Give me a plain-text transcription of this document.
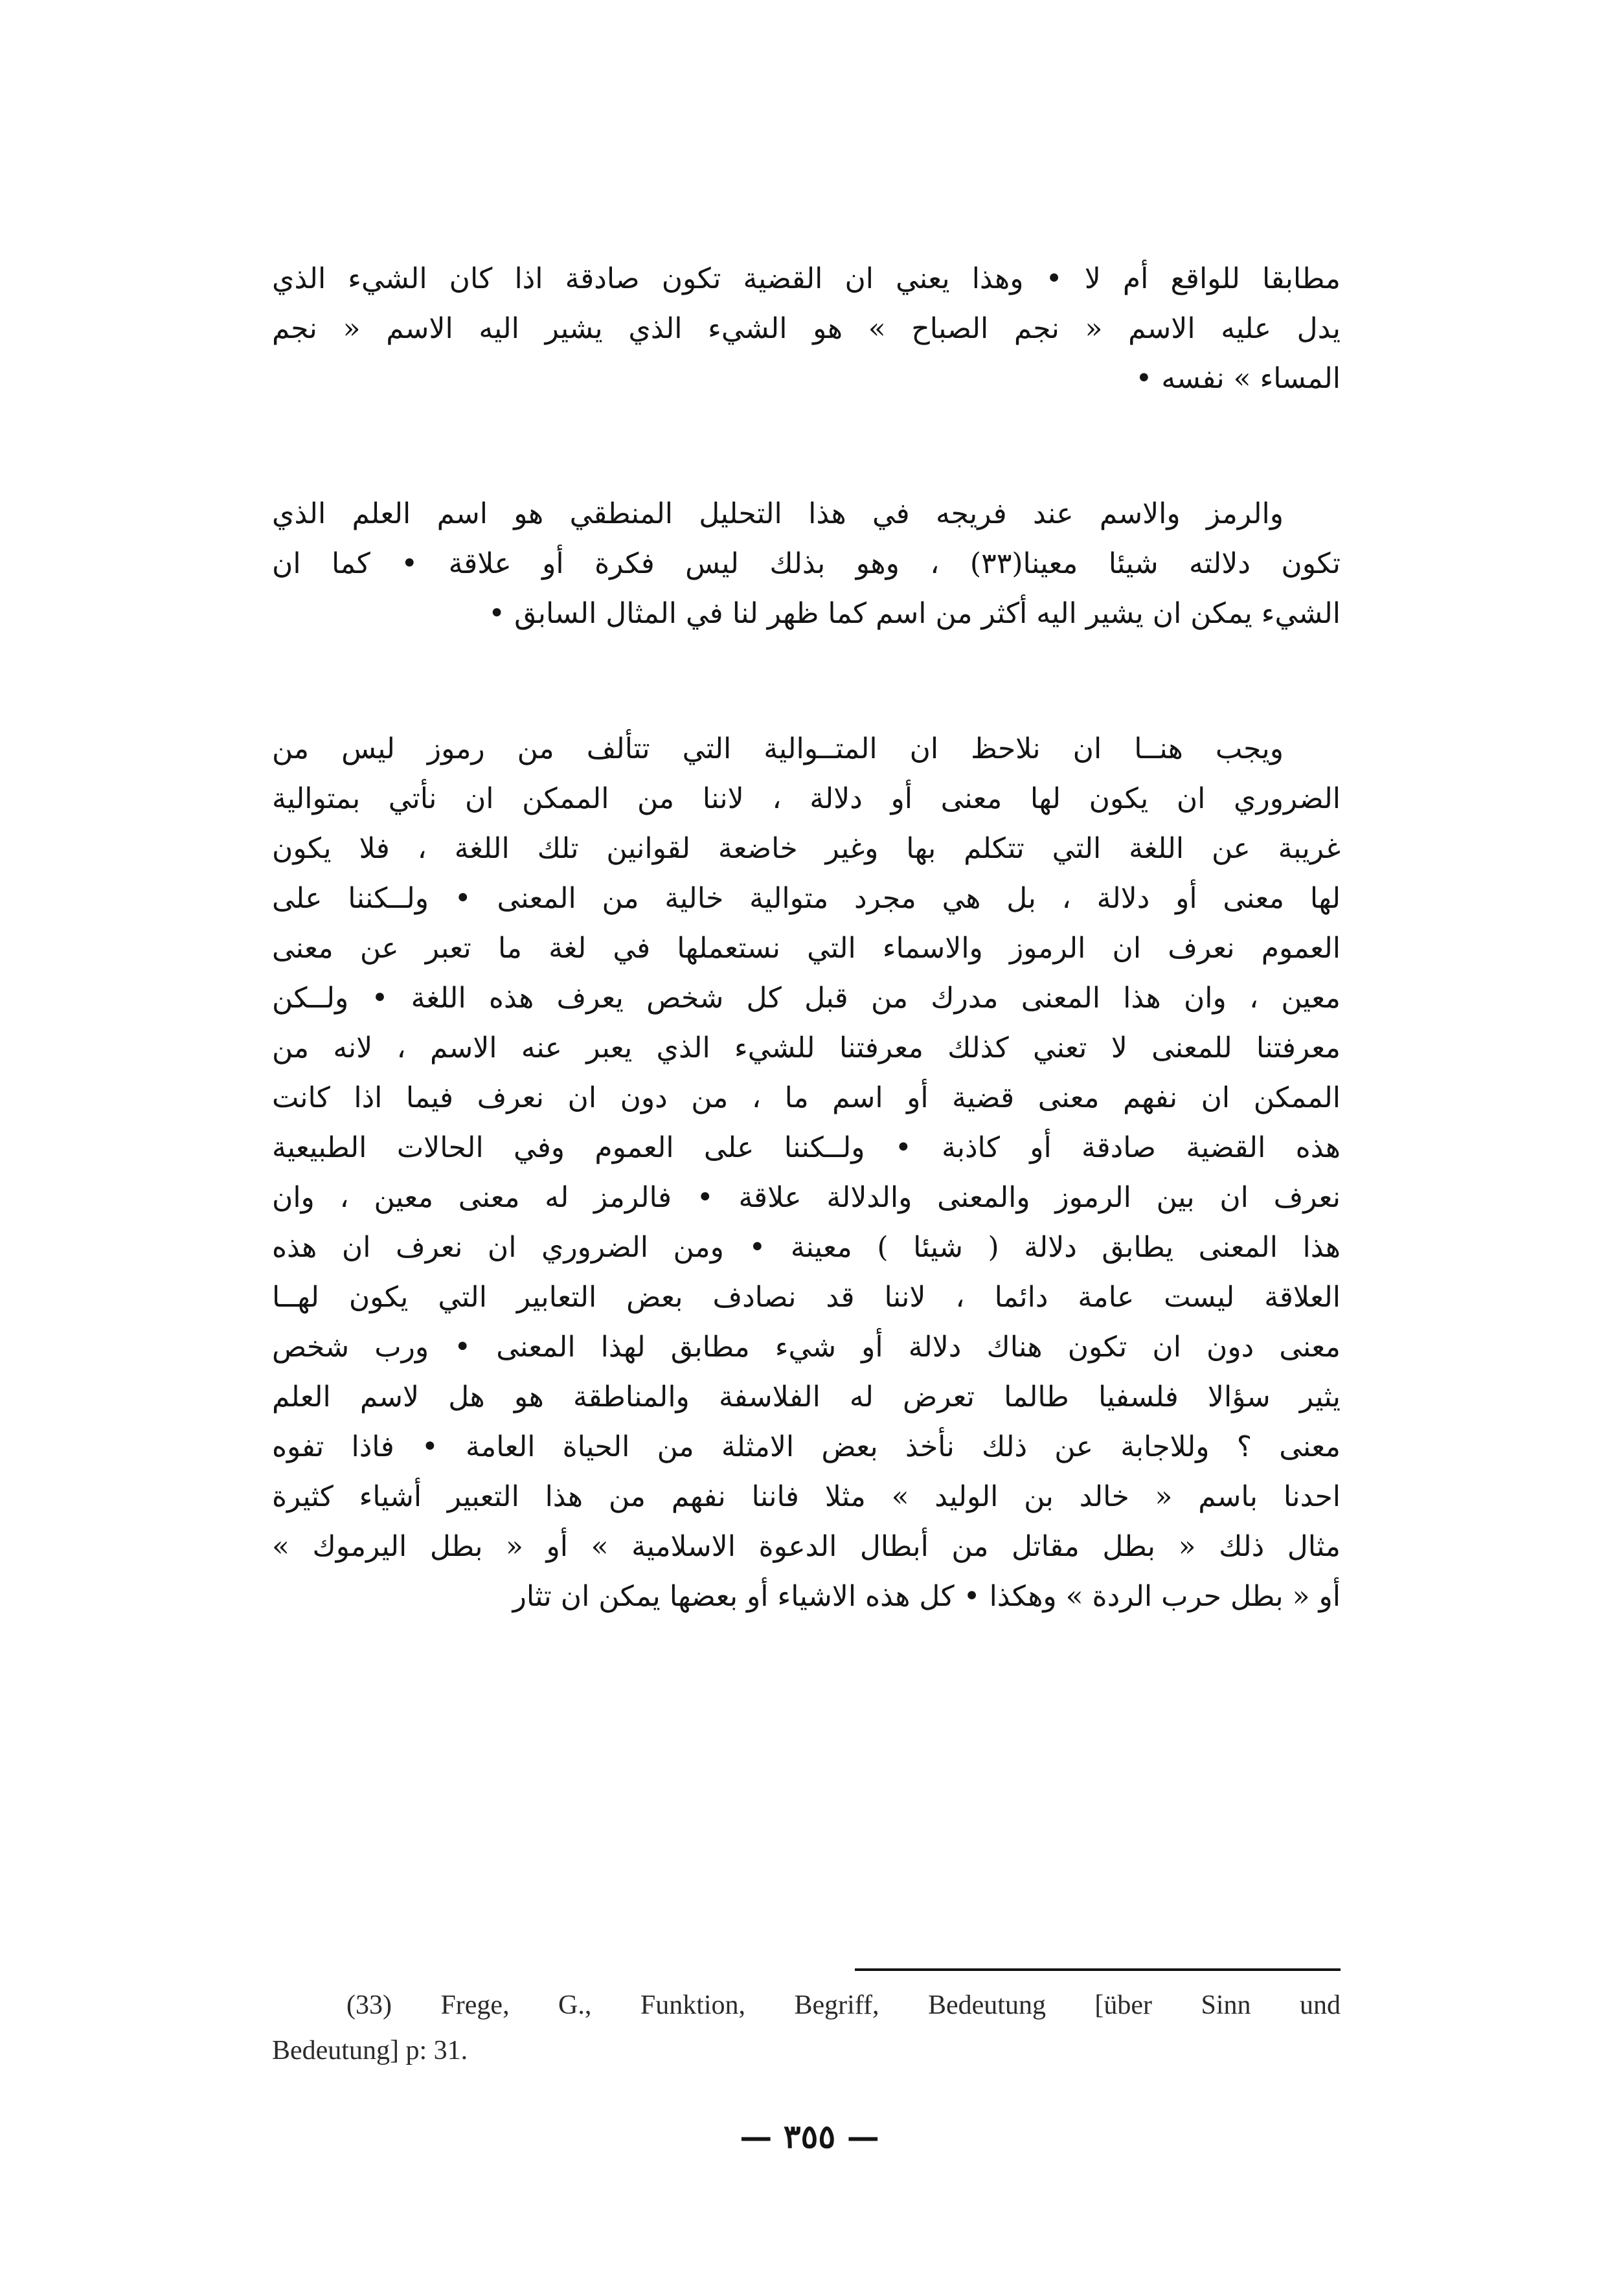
مطابقا للواقع أم لا • وهذا يعني ان القضية تكون صادقة اذا كان الشيء الذي
يدل عليه الاسم « نجم الصباح » هو الشيء الذي يشير اليه الاسم « نجم
المساء » نفسه •
والرمز والاسم عند فريجه في هذا التحليل المنطقي هو اسم العلم الذي
تكون دلالته شيئا معينا(٣٣) ، وهو بذلك ليس فكرة أو علاقة • كما ان
الشيء يمكن ان يشير اليه أكثر من اسم كما ظهر لنا في المثال السابق •
ويجب هنــا ان نلاحظ ان المتــوالية التي تتألف من رموز ليس من
الضروري ان يكون لها معنى أو دلالة ، لاننا من الممكن ان نأتي بمتوالية
غريبة عن اللغة التي تتكلم بها وغير خاضعة لقوانين تلك اللغة ، فلا يكون
لها معنى أو دلالة ، بل هي مجرد متوالية خالية من المعنى • ولــكننا على
العموم نعرف ان الرموز والاسماء التي نستعملها في لغة ما تعبر عن معنى
معين ، وان هذا المعنى مدرك من قبل كل شخص يعرف هذه اللغة • ولــكن
معرفتنا للمعنى لا تعني كذلك معرفتنا للشيء الذي يعبر عنه الاسم ، لانه من
الممكن ان نفهم معنى قضية أو اسم ما ، من دون ان نعرف فيما اذا كانت
هذه القضية صادقة أو كاذبة • ولــكننا على العموم وفي الحالات الطبيعية
نعرف ان بين الرموز والمعنى والدلالة علاقة • فالرمز له معنى معين ، وان
هذا المعنى يطابق دلالة ( شيئا ) معينة • ومن الضروري ان نعرف ان هذه
العلاقة ليست عامة دائما ، لاننا قد نصادف بعض التعابير التي يكون لهــا
معنى دون ان تكون هناك دلالة أو شيء مطابق لهذا المعنى • ورب شخص
يثير سؤالا فلسفيا طالما تعرض له الفلاسفة والمناطقة هو هل لاسم العلم
معنى ؟ وللاجابة عن ذلك نأخذ بعض الامثلة من الحياة العامة • فاذا تفوه
احدنا باسم « خالد بن الوليد » مثلا فاننا نفهم من هذا التعبير أشياء كثيرة
مثال ذلك « بطل مقاتل من أبطال الدعوة الاسلامية » أو « بطل اليرموك »
أو « بطل حرب الردة » وهكذا • كل هذه الاشياء أو بعضها يمكن ان تثار
(33) Frege, G., Funktion, Begriff, Bedeutung [über Sinn und
Bedeutung] p: 31.
— ٣٥٥ —
